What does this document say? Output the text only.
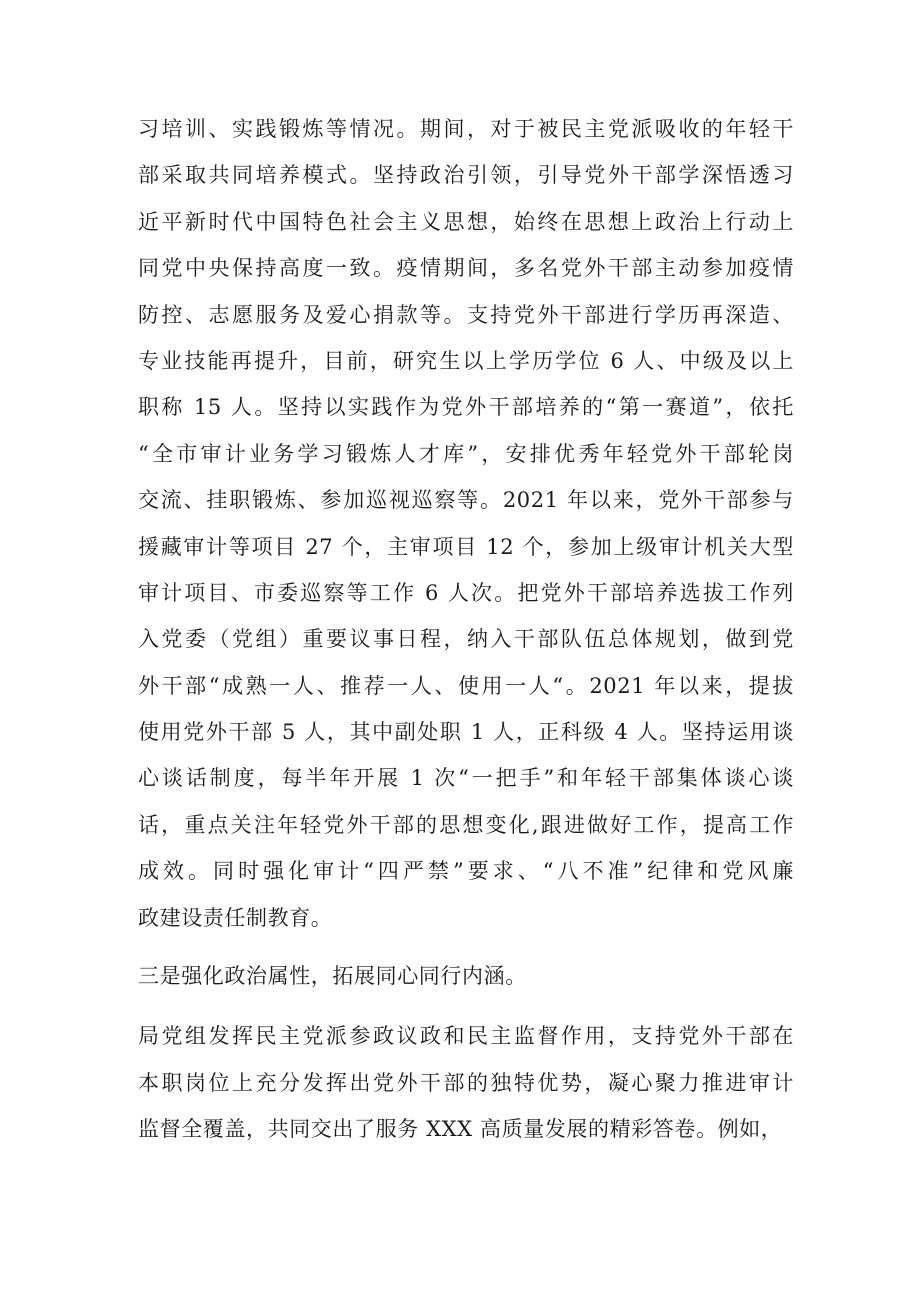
习培训、实践锻炼等情况。期间，对于被民主党派吸收的年轻干
部采取共同培养模式。坚持政治引领，引导党外干部学深悟透习
近平新时代中国特色社会主义思想，始终在思想上政治上行动上
同党中央保持高度一致。疫情期间，多名党外干部主动参加疫情
防控、志愿服务及爱心捐款等。支持党外干部进行学历再深造、
专业技能再提升，目前，研究生以上学历学位 6 人、中级及以上
职称 15 人。坚持以实践作为党外干部培养的“第一赛道”，依托
“全市审计业务学习锻炼人才库”，安排优秀年轻党外干部轮岗
交流、挂职锻炼、参加巡视巡察等。2021 年以来，党外干部参与
援藏审计等项目 27 个，主审项目 12 个，参加上级审计机关大型
审计项目、市委巡察等工作 6 人次。把党外干部培养选拔工作列
入党委（党组）重要议事日程，纳入干部队伍总体规划，做到党
外干部“成熟一人、推荐一人、使用一人“。2021 年以来，提拔
使用党外干部 5 人，其中副处职 1 人，正科级 4 人。坚持运用谈
心谈话制度，每半年开展 1 次“一把手”和年轻干部集体谈心谈
话，重点关注年轻党外干部的思想变化,跟进做好工作，提高工作
成效。同时强化审计“四严禁”要求、“八不准”纪律和党风廉
政建设责任制教育。
三是强化政治属性，拓展同心同行内涵。
局党组发挥民主党派参政议政和民主监督作用，支持党外干部在
本职岗位上充分发挥出党外干部的独特优势，凝心聚力推进审计
监督全覆盖，共同交出了服务 XXX 高质量发展的精彩答卷。例如，
